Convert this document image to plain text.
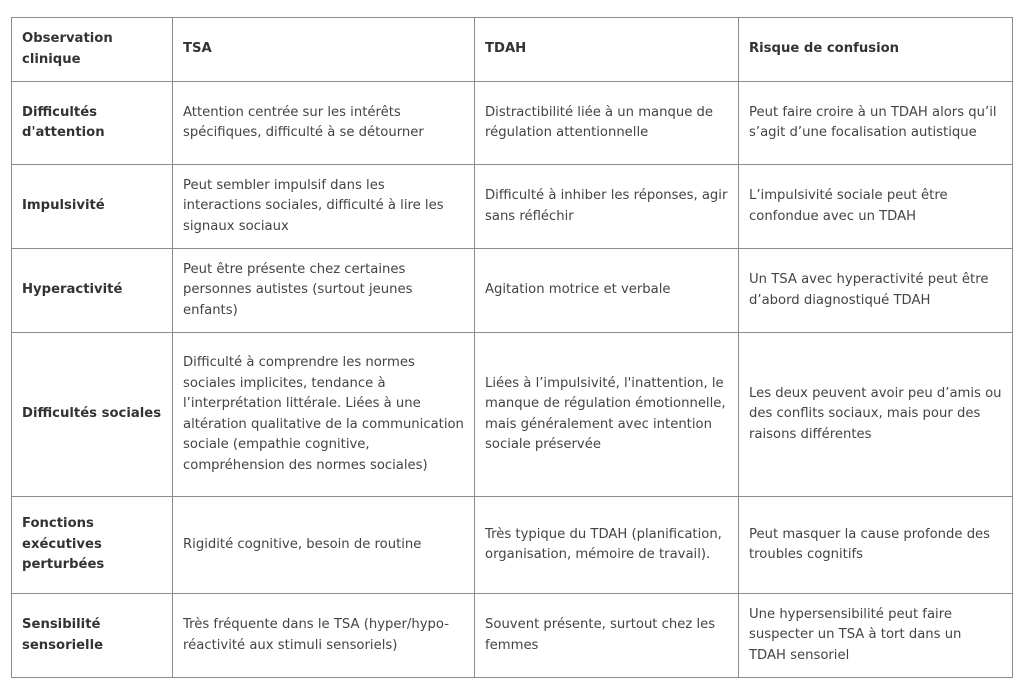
Observation clinique	TSA	TDAH	Risque de confusion
Difficultés d'attention	Attention centrée sur les intérêts spécifiques, difficulté à se détourner	Distractibilité liée à un manque de régulation attentionnelle	Peut faire croire à un TDAH alors qu’il s’agit d’une focalisation autistique
Impulsivité	Peut sembler impulsif dans les interactions sociales, difficulté à lire les signaux sociaux	Difficulté à inhiber les réponses, agir sans réfléchir	L’impulsivité sociale peut être confondue avec un TDAH
Hyperactivité	Peut être présente chez certaines personnes autistes (surtout jeunes enfants)	Agitation motrice et verbale	Un TSA avec hyperactivité peut être d’abord diagnostiqué TDAH
Difficultés sociales	Difficulté à comprendre les normes sociales implicites, tendance à l’interprétation littérale. Liées à une altération qualitative de la communication sociale (empathie cognitive, compréhension des normes sociales)	Liées à l’impulsivité, l'inattention, le manque de régulation émotionnelle, mais généralement avec intention sociale préservée	Les deux peuvent avoir peu d’amis ou des conflits sociaux, mais pour des raisons différentes
Fonctions exécutives perturbées	Rigidité cognitive, besoin de routine	Très typique du TDAH (planification, organisation, mémoire de travail).	Peut masquer la cause profonde des troubles cognitifs
Sensibilité sensorielle	Très fréquente dans le TSA (hyper/hypo-réactivité aux stimuli sensoriels)	Souvent présente, surtout chez les femmes	Une hypersensibilité peut faire suspecter un TSA à tort dans un TDAH sensoriel
